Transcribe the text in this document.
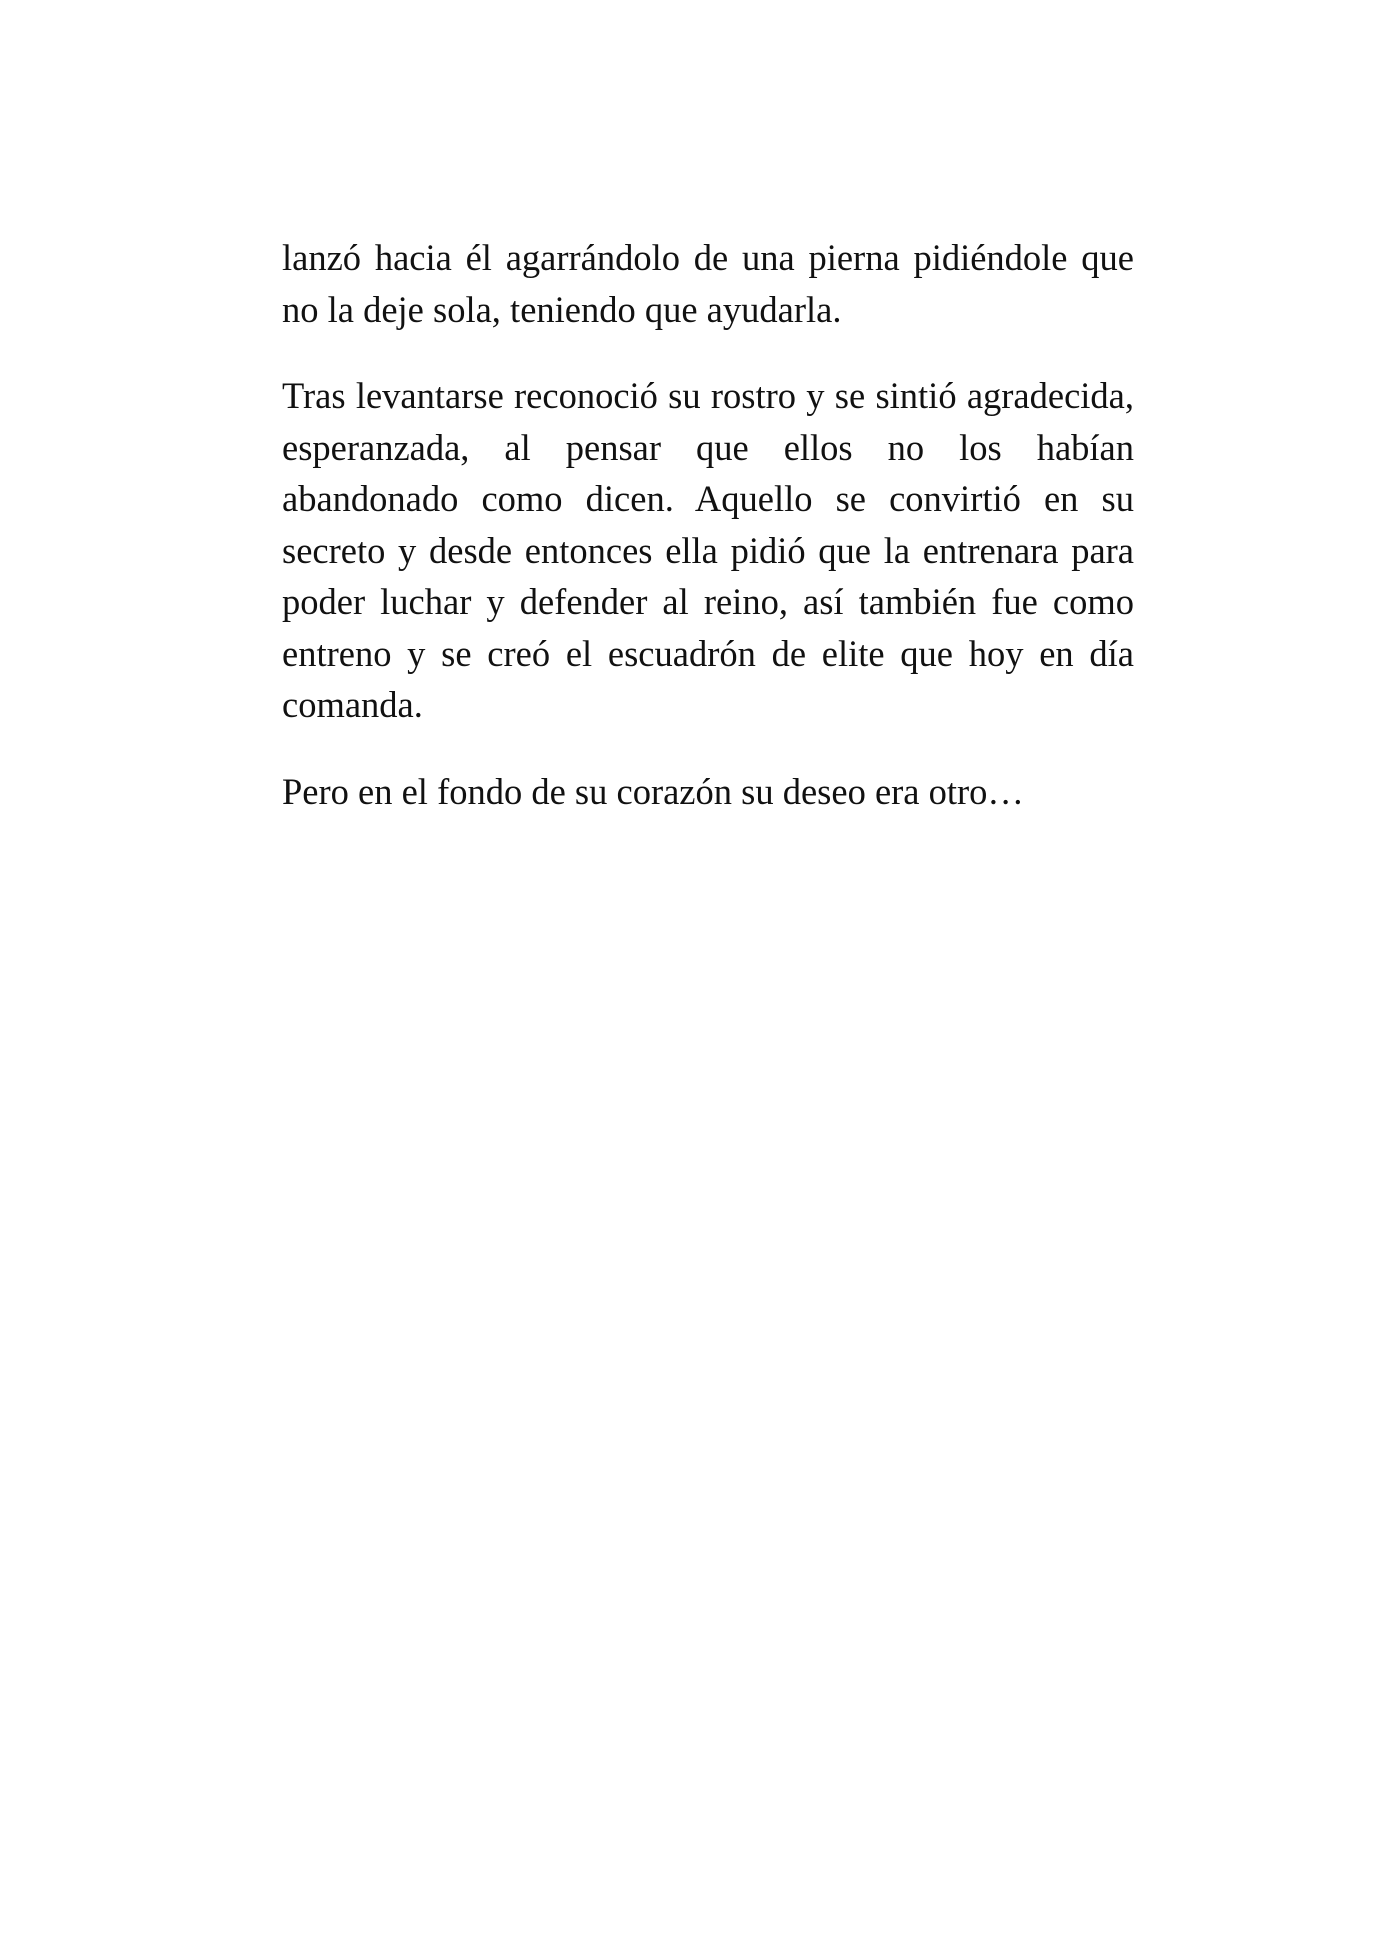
lanzó hacia él agarrándolo de una pierna pidiéndole que no la deje sola, teniendo que ayudarla.

Tras levantarse reconoció su rostro y se sintió agradecida, esperanzada, al pensar que ellos no los habían abandonado como dicen. Aquello se convirtió en su secreto y desde entonces ella pidió que la entrenara para poder luchar y defender al reino, así también fue como entreno y se creó el escuadrón de elite que hoy en día comanda.

Pero en el fondo de su corazón su deseo era otro…
